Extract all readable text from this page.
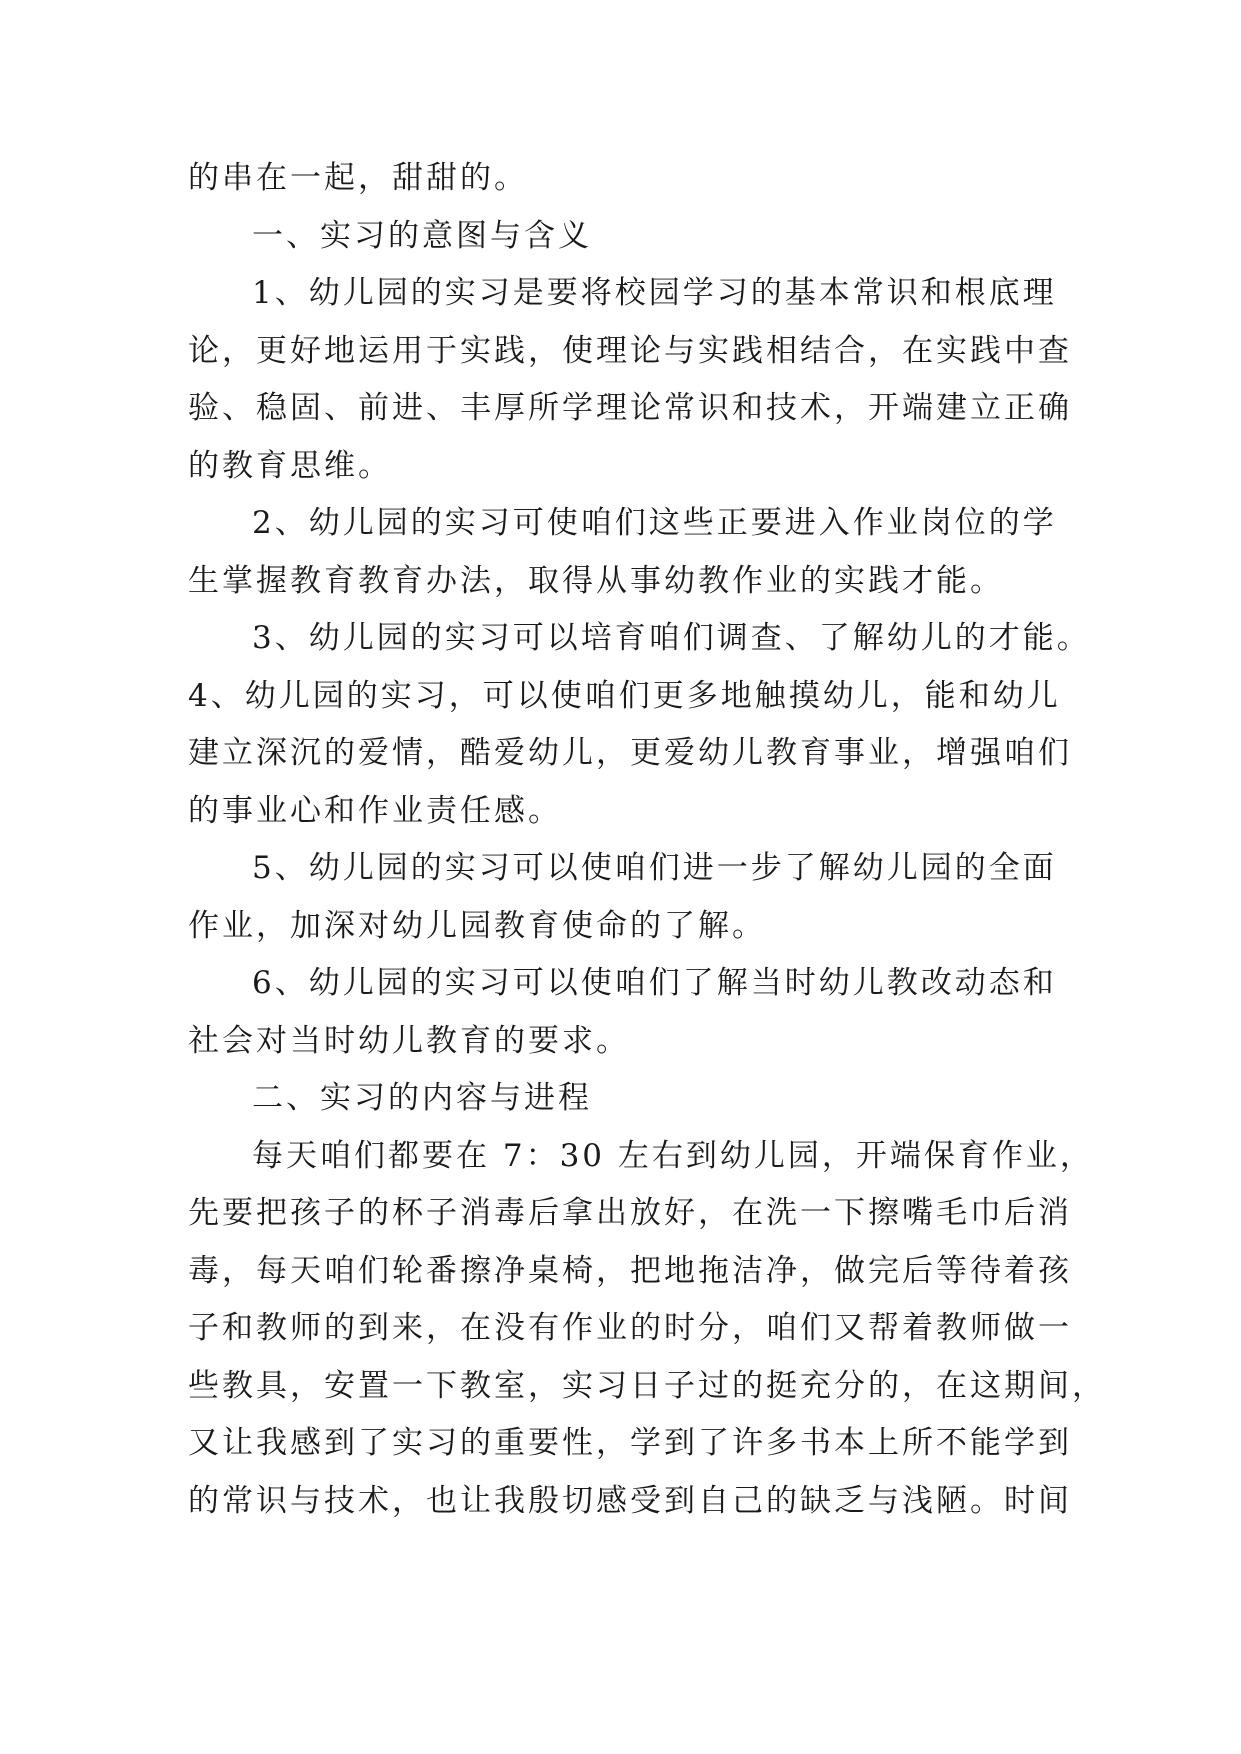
的串在一起，甜甜的。
一、实习的意图与含义
1、幼儿园的实习是要将校园学习的基本常识和根底理
论，更好地运用于实践，使理论与实践相结合，在实践中查
验、稳固、前进、丰厚所学理论常识和技术，开端建立正确
的教育思维。
2、幼儿园的实习可使咱们这些正要进入作业岗位的学
生掌握教育教育办法，取得从事幼教作业的实践才能。
3、幼儿园的实习可以培育咱们调查、了解幼儿的才能。
4、幼儿园的实习，可以使咱们更多地触摸幼儿，能和幼儿
建立深沉的爱情，酷爱幼儿，更爱幼儿教育事业，增强咱们
的事业心和作业责任感。
5、幼儿园的实习可以使咱们进一步了解幼儿园的全面
作业，加深对幼儿园教育使命的了解。
6、幼儿园的实习可以使咱们了解当时幼儿教改动态和
社会对当时幼儿教育的要求。
二、实习的内容与进程
每天咱们都要在 7：30 左右到幼儿园，开端保育作业，
先要把孩子的杯子消毒后拿出放好，在洗一下擦嘴毛巾后消
毒，每天咱们轮番擦净桌椅，把地拖洁净，做完后等待着孩
子和教师的到来，在没有作业的时分，咱们又帮着教师做一
些教具，安置一下教室，实习日子过的挺充分的，在这期间，
又让我感到了实习的重要性，学到了许多书本上所不能学到
的常识与技术，也让我殷切感受到自己的缺乏与浅陋。时间
